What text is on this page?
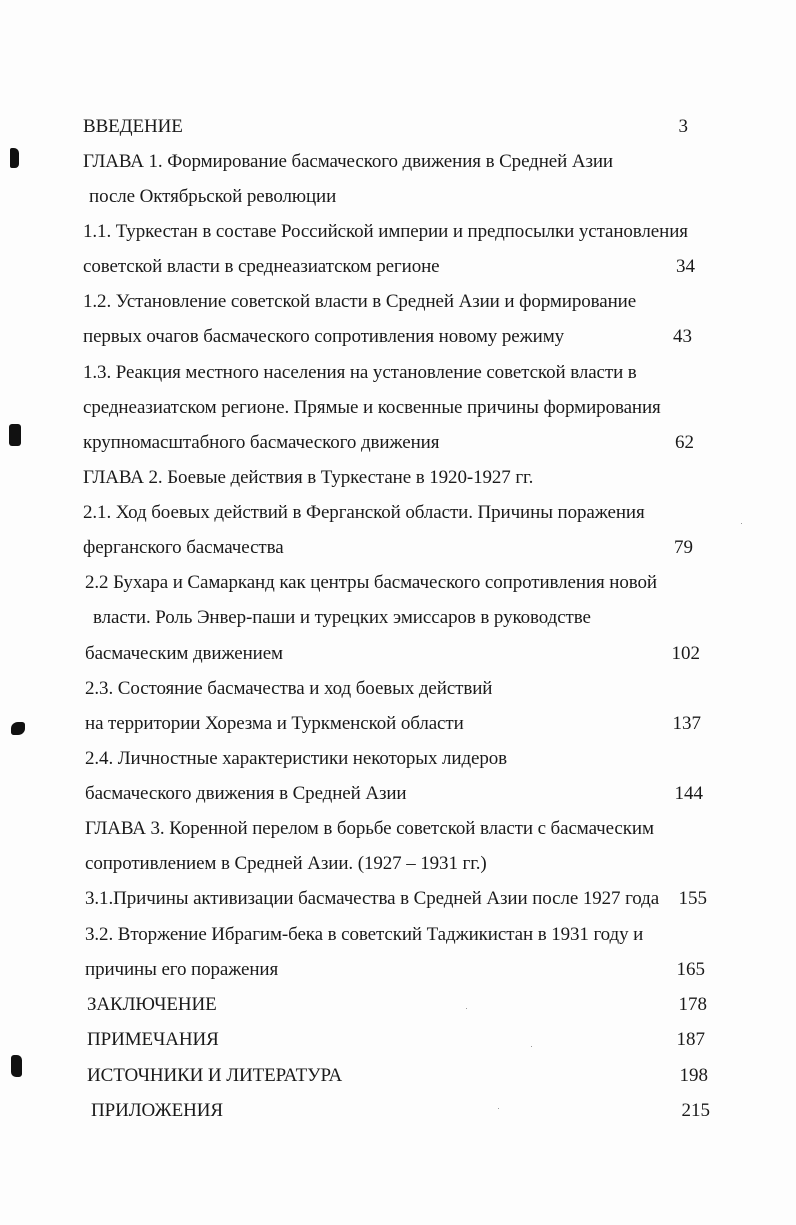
ВВЕДЕНИЕ	3
ГЛАВА 1. Формирование басмаческого движения в Средней Азии
после Октябрьской революции
1.1. Туркестан в составе Российской империи и предпосылки установления
советской власти в среднеазиатском регионе	34
1.2. Установление советской власти в Средней Азии и формирование
первых очагов басмаческого сопротивления новому режиму	43
1.3. Реакция местного населения на установление советской власти в
среднеазиатском регионе. Прямые и косвенные причины формирования
крупномасштабного басмаческого движения	62
ГЛАВА 2. Боевые действия в Туркестане в 1920-1927 гг.
2.1. Ход боевых действий в Ферганской области. Причины поражения
ферганского басмачества	79
2.2 Бухара и Самарканд как центры басмаческого сопротивления новой
власти. Роль Энвер-паши и турецких эмиссаров в руководстве
басмаческим движением	102
2.3. Состояние басмачества и ход боевых действий
на территории Хорезма и Туркменской области	137
2.4. Личностные характеристики некоторых лидеров
басмаческого движения в Средней Азии	144
ГЛАВА 3. Коренной перелом в борьбе советской власти с басмаческим
сопротивлением в Средней Азии. (1927 – 1931 гг.)
3.1.Причины активизации басмачества в Средней Азии после 1927 года	155
3.2. Вторжение Ибрагим-бека в советский Таджикистан в 1931 году и
причины его поражения	165
ЗАКЛЮЧЕНИЕ	178
ПРИМЕЧАНИЯ	187
ИСТОЧНИКИ И ЛИТЕРАТУРА	198
ПРИЛОЖЕНИЯ	215
